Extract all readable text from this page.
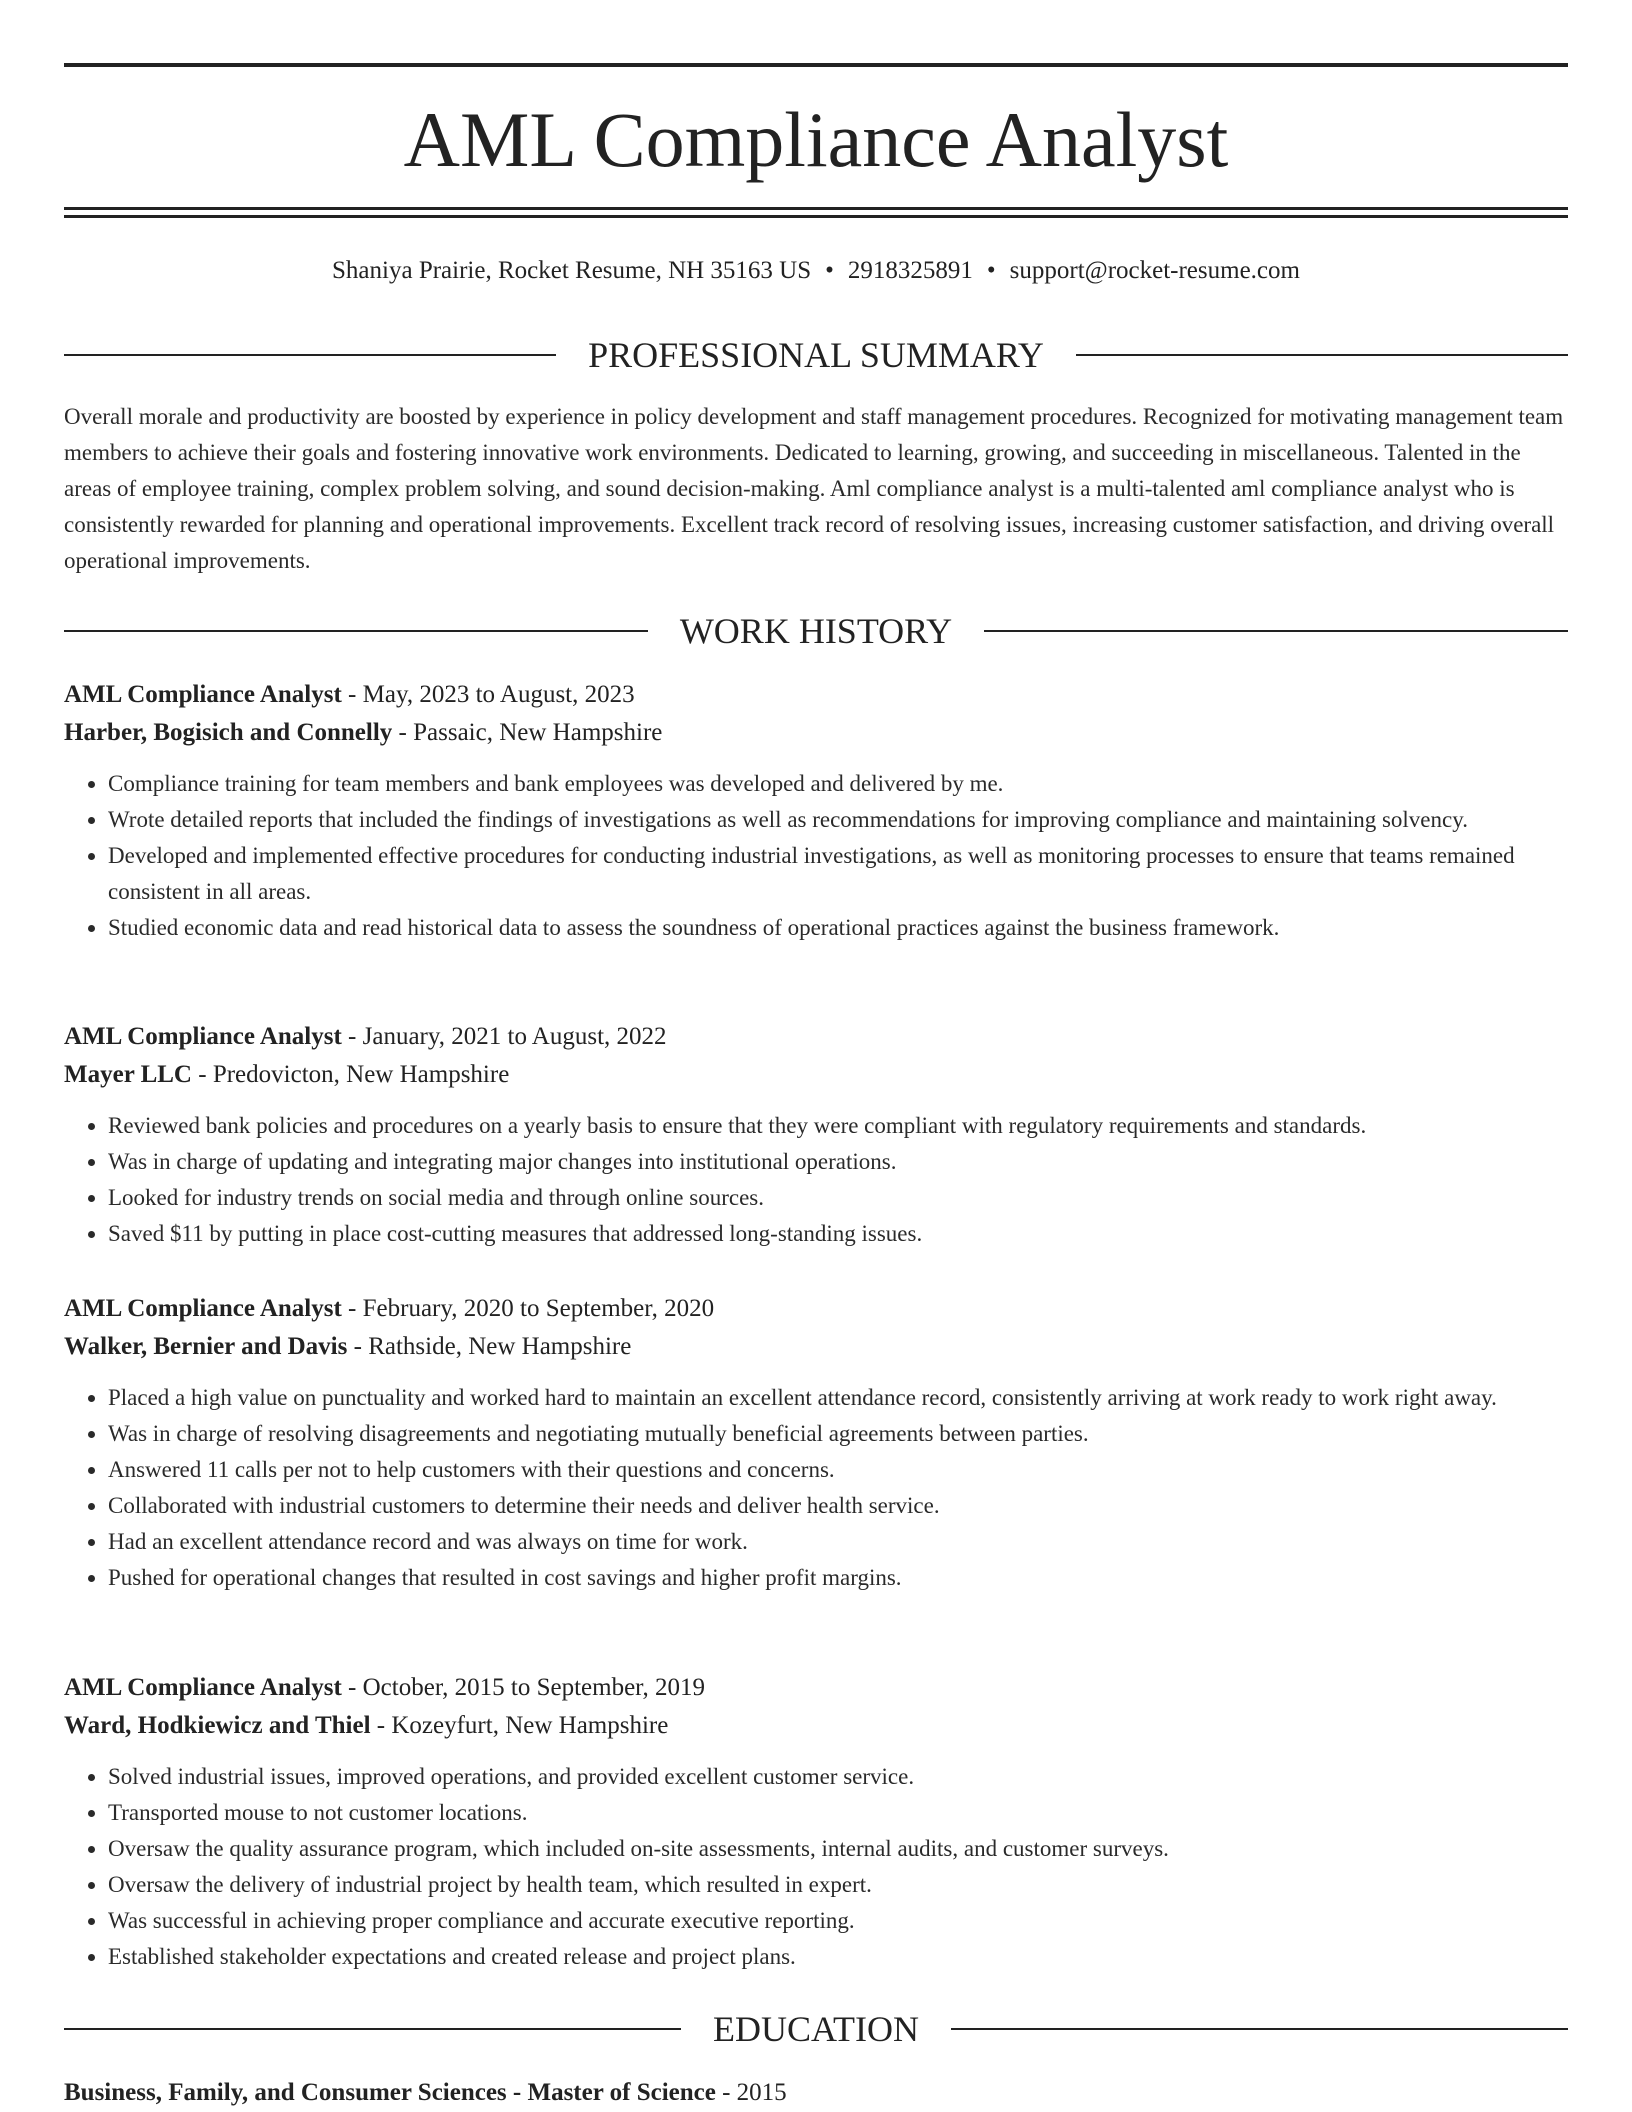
AML Compliance Analyst
Shaniya Prairie, Rocket Resume, NH 35163 US • 2918325891 • support@rocket-resume.com
PROFESSIONAL SUMMARY

Overall morale and productivity are boosted by experience in policy development and staff management procedures. Recognized for motivating management team members to achieve their goals and fostering innovative work environments. Dedicated to learning, growing, and succeeding in miscellaneous. Talented in the areas of employee training, complex problem solving, and sound decision-making. Aml compliance analyst is a multi-talented aml compliance analyst who is consistently rewarded for planning and operational improvements. Excellent track record of resolving issues, increasing customer satisfaction, and driving overall operational improvements.

WORK HISTORY
AML Compliance Analyst - May, 2023 to August, 2023
Harber, Bogisich and Connelly - Passaic, New Hampshire
• Compliance training for team members and bank employees was developed and delivered by me.
• Wrote detailed reports that included the findings of investigations as well as recommendations for improving compliance and maintaining solvency.
• Developed and implemented effective procedures for conducting industrial investigations, as well as monitoring processes to ensure that teams remained consistent in all areas.
• Studied economic data and read historical data to assess the soundness of operational practices against the business framework.
AML Compliance Analyst - January, 2021 to August, 2022
Mayer LLC - Predovicton, New Hampshire
• Reviewed bank policies and procedures on a yearly basis to ensure that they were compliant with regulatory requirements and standards.
• Was in charge of updating and integrating major changes into institutional operations.
• Looked for industry trends on social media and through online sources.
• Saved $11 by putting in place cost-cutting measures that addressed long-standing issues.
AML Compliance Analyst - February, 2020 to September, 2020
Walker, Bernier and Davis - Rathside, New Hampshire
• Placed a high value on punctuality and worked hard to maintain an excellent attendance record, consistently arriving at work ready to work right away.
• Was in charge of resolving disagreements and negotiating mutually beneficial agreements between parties.
• Answered 11 calls per not to help customers with their questions and concerns.
• Collaborated with industrial customers to determine their needs and deliver health service.
• Had an excellent attendance record and was always on time for work.
• Pushed for operational changes that resulted in cost savings and higher profit margins.
AML Compliance Analyst - October, 2015 to September, 2019
Ward, Hodkiewicz and Thiel - Kozeyfurt, New Hampshire
• Solved industrial issues, improved operations, and provided excellent customer service.
• Transported mouse to not customer locations.
• Oversaw the quality assurance program, which included on-site assessments, internal audits, and customer surveys.
• Oversaw the delivery of industrial project by health team, which resulted in expert.
• Was successful in achieving proper compliance and accurate executive reporting.
• Established stakeholder expectations and created release and project plans.
EDUCATION
Business, Family, and Consumer Sciences - Master of Science - 2015
